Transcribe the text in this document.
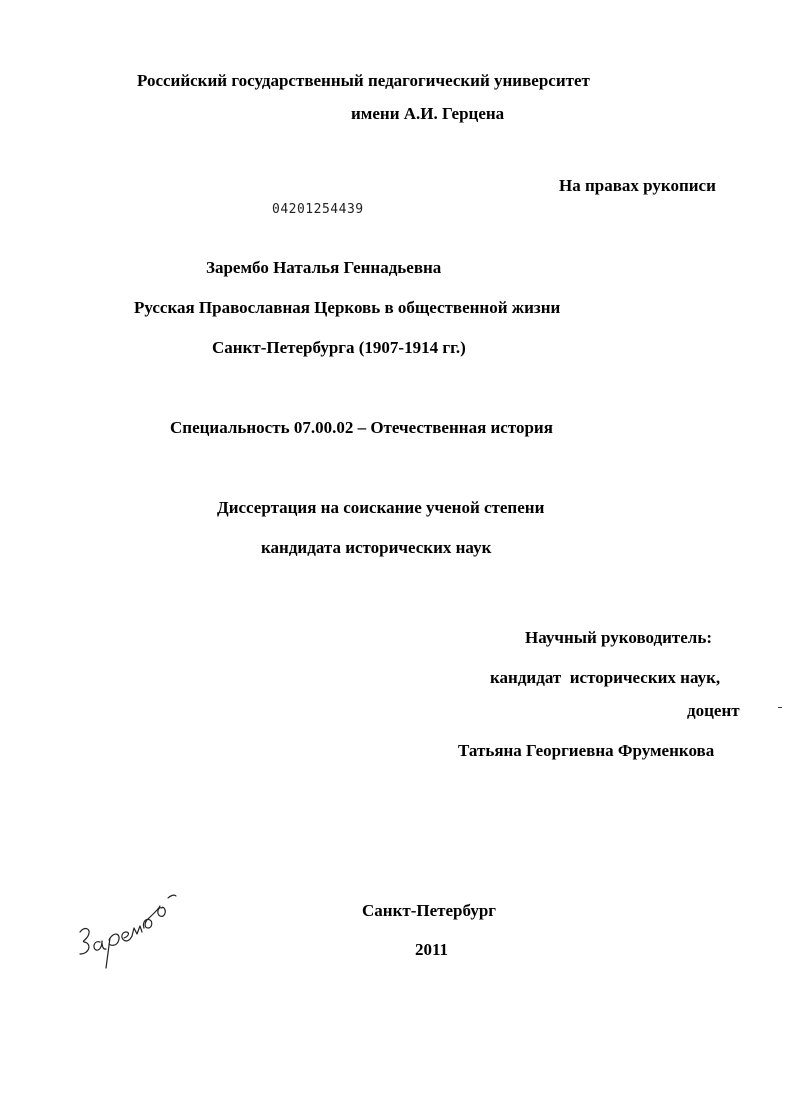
Российский государственный педагогический университет

имени А.И. Герцена

На правах рукописи

04201254439

Зарембо Наталья Геннадьевна

Русская Православная Церковь в общественной жизни

Санкт-Петербурга (1907-1914 гг.)

Специальность 07.00.02 – Отечественная история

Диссертация на соискание ученой степени

кандидата исторических наук

Научный руководитель:

кандидат  исторических наук,

доцент

Татьяна Георгиевна Фруменкова

Санкт-Петербург

2011
